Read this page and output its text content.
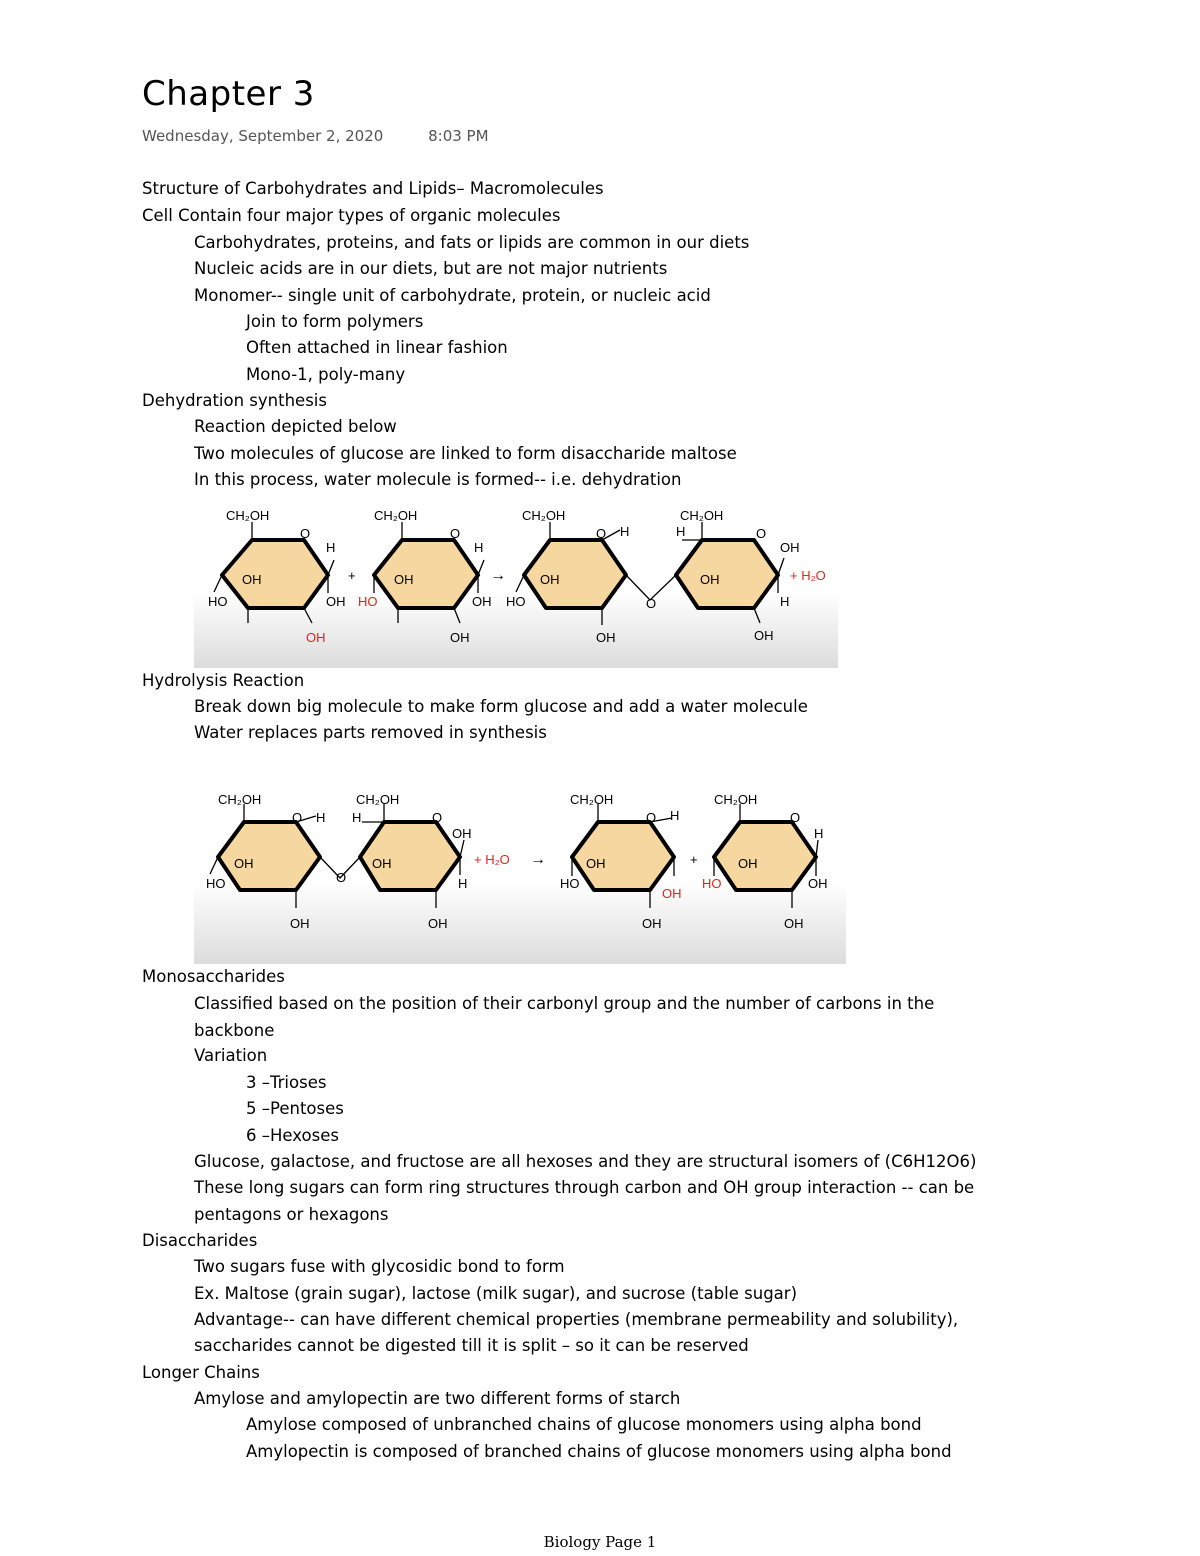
Chapter 3
Wednesday, September 2, 2020	8:03 PM
Structure of Carbohydrates and Lipids– Macromolecules
Cell Contain four major types of organic molecules
Carbohydrates, proteins, and fats or lipids are common in our diets
Nucleic acids are in our diets, but are not major nutrients
Monomer-- single unit of carbohydrate, protein, or nucleic acid
Join to form polymers
Often attached in linear fashion
Mono-1, poly-many
Dehydration synthesis
Reaction depicted below
Two molecules of glucose are linked to form disaccharide maltose
In this process, water molecule is formed-- i.e. dehydration
CH₂OH
O
H
OH
HO	OH
OH
+
CH₂OH
O
H
OH
HO	OH
OH
→
CH₂OH
O H
OH
HO
OH
O
CH₂OH
H	O
OH
OH
H
OH
+ H₂O
Hydrolysis Reaction
Break down big molecule to make form glucose and add a water molecule
Water replaces parts removed in synthesis
CH₂OH
O H
OH
HO
OH
O
CH₂OH
H	O
OH
OH
H
OH
+ H₂O →
CH₂OH
O H
OH
HO
OH
OH
+
CH₂OH
O
H
OH
HO	OH
OH
Monosaccharides
Classified based on the position of their carbonyl group and the number of carbons in the
backbone
Variation
3 –Trioses
5 –Pentoses
6 –Hexoses
Glucose, galactose, and fructose are all hexoses and they are structural isomers of (C6H12O6)
These long sugars can form ring structures through carbon and OH group interaction -- can be
pentagons or hexagons
Disaccharides
Two sugars fuse with glycosidic bond to form
Ex. Maltose (grain sugar), lactose (milk sugar), and sucrose (table sugar)
Advantage-- can have different chemical properties (membrane permeability and solubility),
saccharides cannot be digested till it is split – so it can be reserved
Longer Chains
Amylose and amylopectin are two different forms of starch
Amylose composed of unbranched chains of glucose monomers using alpha bond
Amylopectin is composed of branched chains of glucose monomers using alpha bond
Biology Page 1
